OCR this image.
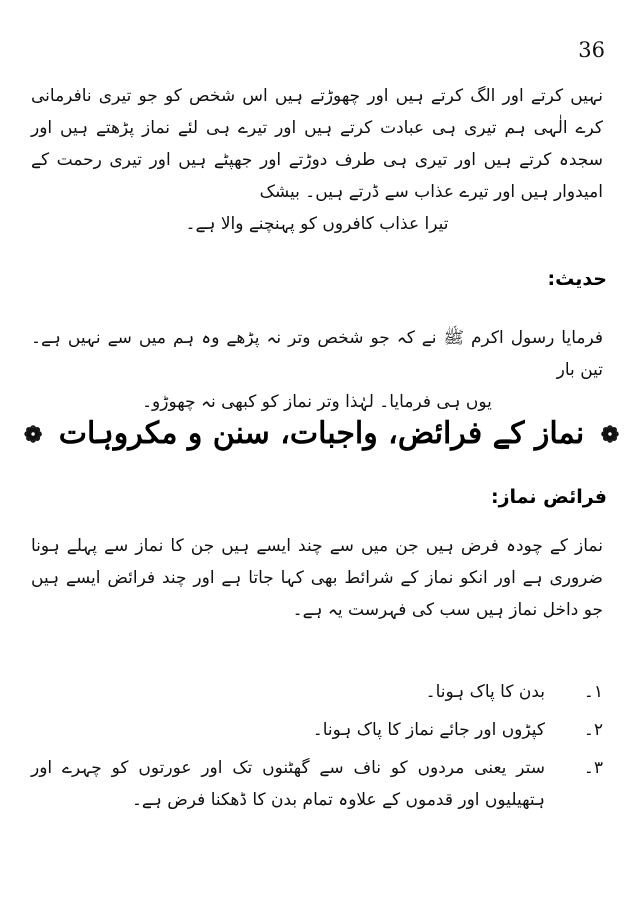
36
نہیں کرتے اور الگ کرتے ہیں اور چھوڑتے ہیں اس شخص کو جو تیری نافرمانی کرے الٰہی ہم تیری ہی عبادت کرتے ہیں اور تیرے ہی لئے نماز پڑھتے ہیں اور سجدہ کرتے ہیں اور تیری ہی طرف دوڑتے اور جھپٹے ہیں اور تیری رحمت کے امیدوار ہیں اور تیرے عذاب سے ڈرتے ہیں۔ بیشک
تیرا عذاب کافروں کو پہنچنے والا ہے۔
حدیث:
فرمایا رسول اکرم ﷺ نے کہ جو شخص وتر نہ پڑھے وہ ہم میں سے نہیں ہے۔ تین بار
یوں ہی فرمایا۔ لہٰذا وتر نماز کو کبھی نہ چھوڑو۔
❁ نماز کے فرائض، واجبات، سنن و مکروہات ❁
فرائض نماز:
نماز کے چودہ فرض ہیں جن میں سے چند ایسے ہیں جن کا نماز سے پہلے ہونا ضروری ہے اور انکو نماز کے شرائط بھی کہا جاتا ہے اور چند فرائض ایسے ہیں جو داخل نماز ہیں سب کی فہرست یہ ہے۔
١۔
بدن کا پاک ہونا۔
٢۔
کپڑوں اور جائے نماز کا پاک ہونا۔
٣۔
ستر یعنی مردوں کو ناف سے گھٹنوں تک اور عورتوں کو چہرے اور ہتھیلیوں اور قدموں کے علاوہ تمام بدن کا ڈھکنا فرض ہے۔
